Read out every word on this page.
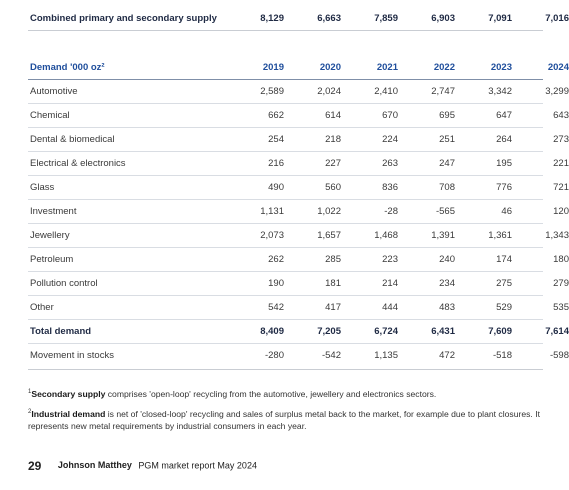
Combined primary and secondary supply	8,129	6,663	7,859	6,903	7,091	7,016
Demand '000 oz²	2019	2020	2021	2022	2023	2024
Automotive	2,589	2,024	2,410	2,747	3,342	3,299
Chemical	662	614	670	695	647	643
Dental & biomedical	254	218	224	251	264	273
Electrical & electronics	216	227	263	247	195	221
Glass	490	560	836	708	776	721
Investment	1,131	1,022	-28	-565	46	120
Jewellery	2,073	1,657	1,468	1,391	1,361	1,343
Petroleum	262	285	223	240	174	180
Pollution control	190	181	214	234	275	279
Other	542	417	444	483	529	535
Total demand	8,409	7,205	6,724	6,431	7,609	7,614
Movement in stocks	-280	-542	1,135	472	-518	-598

$^1$Secondary supply comprises 'open-loop' recycling from the automotive, jewellery and electronics sectors.

$^2$Industrial demand is net of 'closed-loop' recycling and sales of surplus metal back to the market, for example due to plant closures. It represents new metal requirements by industrial consumers in each year.

29 Johnson Matthey PGM market report May 2024
